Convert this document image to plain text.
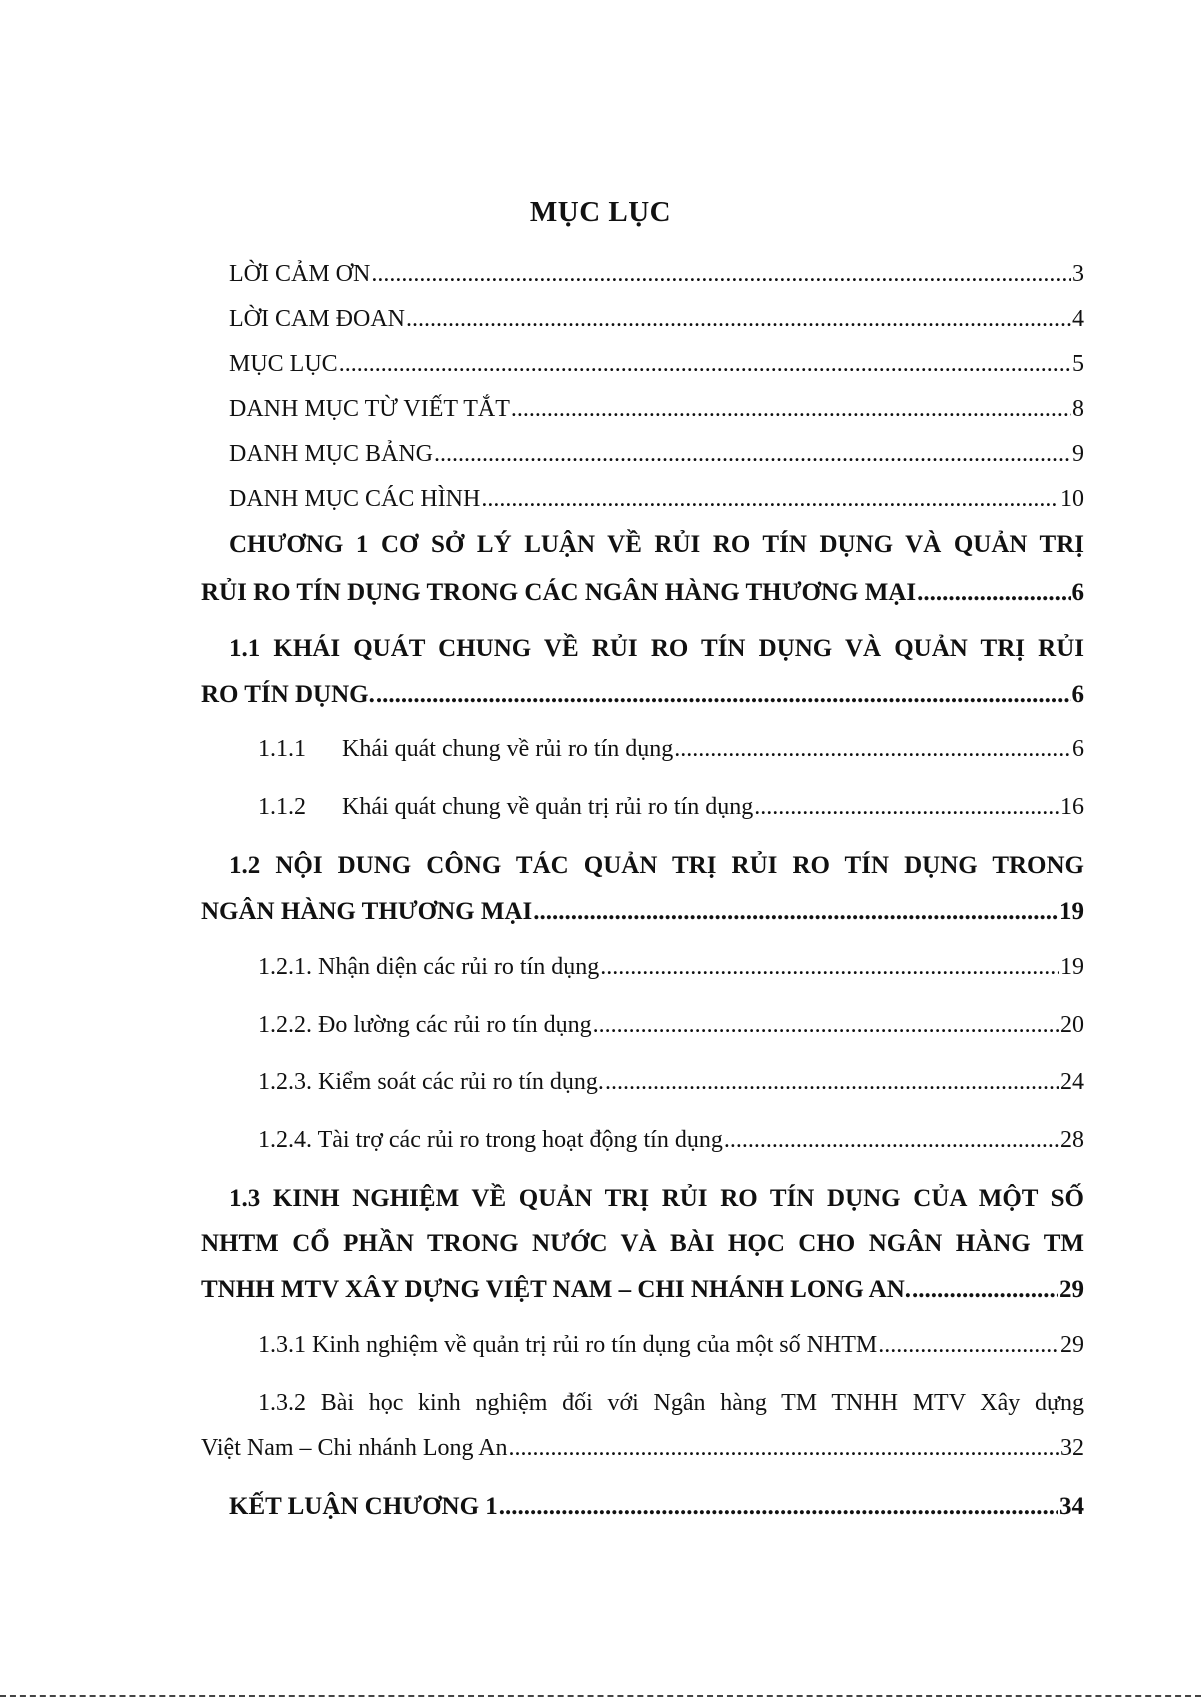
MỤC LỤC
LỜI CẢM ƠN .....	3
LỜI CAM ĐOAN .....	4
MỤC LỤC .....	5
DANH MỤC TỪ VIẾT TẮT .....	8
DANH MỤC BẢNG .....	9
DANH MỤC CÁC HÌNH .....	10
CHƯƠNG 1 CƠ SỞ LÝ LUẬN VỀ RỦI RO TÍN DỤNG VÀ QUẢN TRỊ
RỦI RO TÍN DỤNG TRONG CÁC NGÂN HÀNG THƯƠNG MẠI .....	6
1.1 KHÁI QUÁT CHUNG VỀ RỦI RO TÍN DỤNG VÀ QUẢN TRỊ RỦI
RO TÍN DỤNG. .....	6
1.1.1 Khái quát chung về rủi ro tín dụng .....	6
1.1.2 Khái quát chung về quản trị rủi ro tín dụng .....	16
1.2 NỘI DUNG CÔNG TÁC QUẢN TRỊ RỦI RO TÍN DỤNG TRONG
NGÂN HÀNG THƯƠNG MẠI .....	19
1.2.1. Nhận diện các rủi ro tín dụng .....	19
1.2.2. Đo lường các rủi ro tín dụng .....	20
1.2.3. Kiểm soát các rủi ro tín dụng. .....	24
1.2.4. Tài trợ các rủi ro trong hoạt động tín dụng .....	28
1.3 KINH NGHIỆM VỀ QUẢN TRỊ RỦI RO TÍN DỤNG CỦA MỘT SỐ
NHTM CỔ PHẦN TRONG NƯỚC VÀ BÀI HỌC CHO NGÂN HÀNG TM
TNHH MTV XÂY DỰNG VIỆT NAM – CHI NHÁNH LONG AN. .....	29
1.3.1 Kinh nghiệm về quản trị rủi ro tín dụng của một số NHTM .....	29
1.3.2 Bài học kinh nghiệm đối với Ngân hàng TM TNHH MTV Xây dựng
Việt Nam – Chi nhánh Long An .....	32
KẾT LUẬN CHƯƠNG 1 .....	34
